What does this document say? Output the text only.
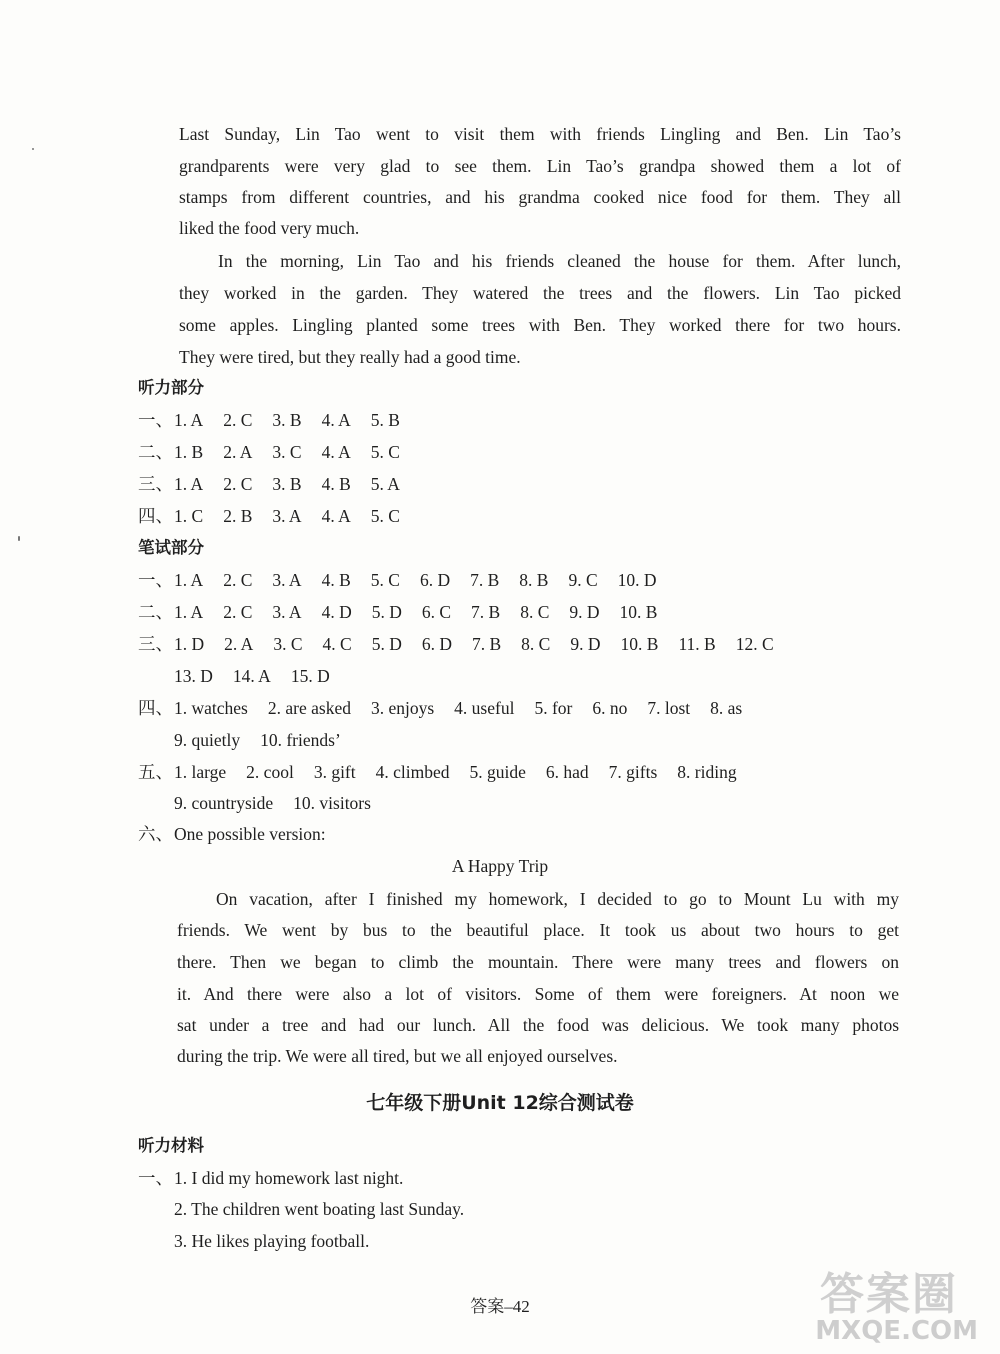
Last Sunday, Lin Tao went to visit them with friends Lingling and Ben. Lin Tao’s
grandparents were very glad to see them. Lin Tao’s grandpa showed them a lot of
stamps from different countries, and his grandma cooked nice food for them. They all
liked the food very much.
In the morning, Lin Tao and his friends cleaned the house for them. After lunch,
they worked in the garden. They watered the trees and the flowers. Lin Tao picked
some apples. Lingling planted some trees with Ben. They worked there for two hours.
They were tired, but they really had a good time.
听力部分
一、1. A 2. C 3. B 4. A 5. B
二、1. B 2. A 3. C 4. A 5. C
三、1. A 2. C 3. B 4. B 5. A
四、1. C 2. B 3. A 4. A 5. C
笔试部分
一、1. A 2. C 3. A 4. B 5. C 6. D 7. B 8. B 9. C 10. D
二、1. A 2. C 3. A 4. D 5. D 6. C 7. B 8. C 9. D 10. B
三、1. D 2. A 3. C 4. C 5. D 6. D 7. B 8. C 9. D 10. B 11. B 12. C
13. D 14. A 15. D
四、1. watches 2. are asked 3. enjoys 4. useful 5. for 6. no 7. lost 8. as
9. quietly 10. friends’
五、1. large 2. cool 3. gift 4. climbed 5. guide 6. had 7. gifts 8. riding
9. countryside 10. visitors
六、One possible version:
A Happy Trip
On vacation, after I finished my homework, I decided to go to Mount Lu with my
friends. We went by bus to the beautiful place. It took us about two hours to get
there. Then we began to climb the mountain. There were many trees and flowers on
it. And there were also a lot of visitors. Some of them were foreigners. At noon we
sat under a tree and had our lunch. All the food was delicious. We took many photos
during the trip. We were all tired, but we all enjoyed ourselves.
七年级下册Unit 12综合测试卷
听力材料
一、1. I did my homework last night.
2. The children went boating last Sunday.
3. He likes playing football.
答案–42	答案圈
MXQE.COM
